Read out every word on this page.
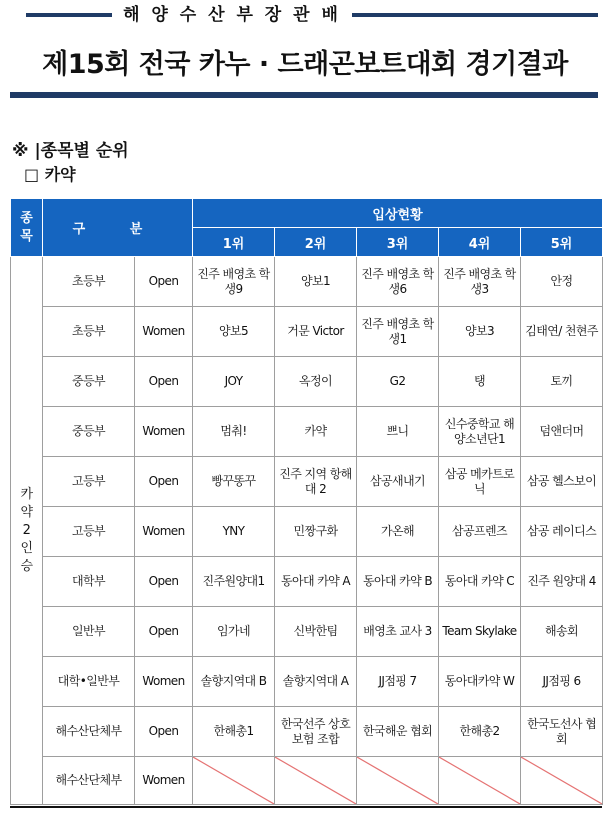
해 양 수 산 부 장 관 배
제15회 전국 카누 · 드래곤보트대회 경기결과
※ |종목별 순위
□ 카약
종목	구 분		입상현황				
			1위	2위	3위	4위	5위
카약 2인승	초등부	Open	진주 배영초 학생9	양보1	진주 배영초 학생6	진주 배영초 학생3	안정
	초등부	Women	양보5	거문 Victor	진주 배영초 학생1	양보3	김태연/ 천현주
	중등부	Open	JOY	옥정이	G2	탱	토끼
	중등부	Women	멈춰!	카약	쁘니	신수중학교 해양소년단1	덤앤더머
	고등부	Open	빵꾸똥꾸	진주 지역 항해대 2	삼공새내기	삼공 메카트로닉	삼공 헬스보이
	고등부	Women	YNY	민짱구화	가온해	삼공프렌즈	삼공 레이디스
	대학부	Open	진주원양대1	동아대 카약 A	동아대 카약 B	동아대 카약 C	진주 원양대 4
	일반부	Open	임가네	신박한팀	배영초 교사 3	Team Skylake	해송회
	대학•일반부	Women	솔향지역대 B	솔향지역대 A	JJ점핑 7	동아대카약 W	JJ점핑 6
	해수산단체부	Open	한해총1	한국선주 상호보험 조합	한국해운 협회	한해총2	한국도선사 협회
	해수산단체부	Women	
